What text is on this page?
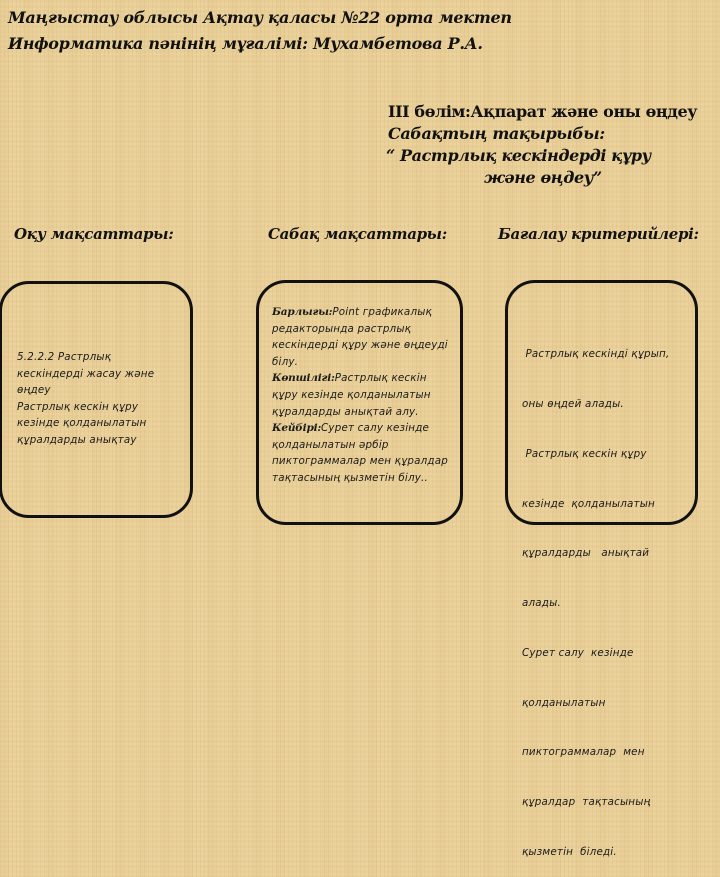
Маңғыстау облысы Ақтау қаласы №22 орта мектеп
Информатика пәнінің мұғалімі: Мухамбетова Р.А.
ІІІ бөлім:Ақпарат және оны өңдеу
Сабақтың тақырыбы:
“ Растрлық кескіндерді құру
және өңдеу”
Оқу мақсаттары:	Сабақ мақсаттары:	Бағалау критерийлері:

5.2.2.2 Растрлық

кескіндерді жасау және

өңдеу

Растрлық кескін құру

кезінде қолданылатын

құралдарды анықтау

Барлығы:Point графикалық

редакторында растрлық

кескіндерді құру және өңдеуді

білу.

Көпшілігі:Растрлық кескін

құру кезінде қолданылатын

құралдарды анықтай алу.

Кейбірі:Сурет салу кезінде

қолданылатын әрбір

пиктограммалар мен құралдар

тақтасының қызметін білу..

Растрлық кескінді құрып,

оны өңдей алады.

Растрлық кескін құру

кезінде  қолданылатын

құралдарды   анықтай

алады.

Сурет салу  кезінде

қолданылатын

пиктограммалар  мен

құралдар  тақтасының

қызметін  біледі.
